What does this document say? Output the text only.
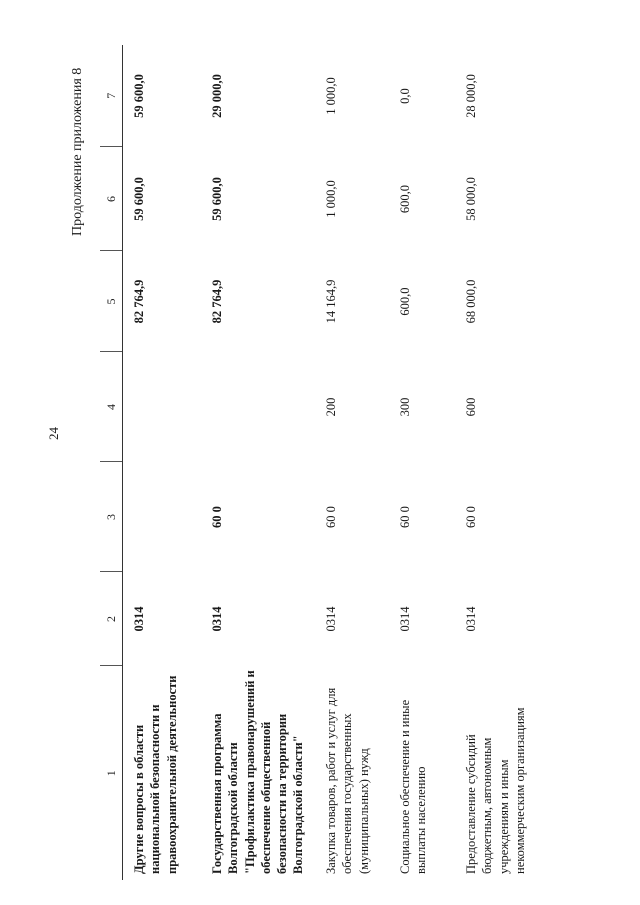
24
Продолжение приложения 8
1	2	3	4	5	6	7
Другие вопросы в области национальной безопасности и правоохранительной деятельности	0314			82 764,9	59 600,0	59 600,0
Государственная программа Волгоградской области "Профилактика правонарушений и обеспечение общественной безопасности на территории Волгоградской области"	0314	60 0		82 764,9	59 600,0	29 000,0
Закупка товаров, работ и услуг для обеспечения государственных (муниципальных) нужд	0314	60 0	200	14 164,9	1 000,0	1 000,0
Социальное обеспечение и иные выплаты населению	0314	60 0	300	600,0	600,0	0,0
Предоставление субсидий бюджетным, автономным учреждениям и иным некоммерческим организациям	0314	60 0	600	68 000,0	58 000,0	28 000,0
